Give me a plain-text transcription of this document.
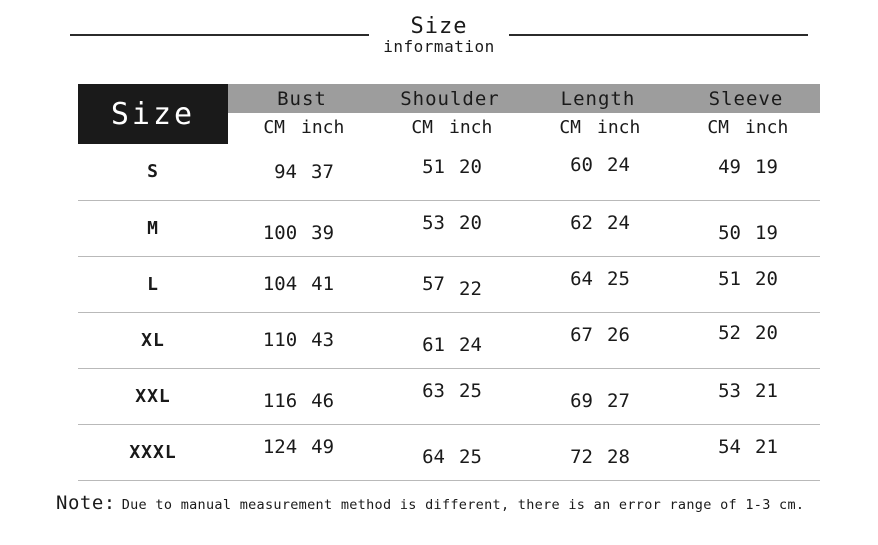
Size
information
Size	Bust	Shoulder	Length	Sleeve

	CM inch	CM inch	CM inch	CM inch

S	94 37	51 20	60 24	49 19

M	100 39	53 20	62 24	50 19

L	104 41	57 22	64 25	51 20

XL	110 43	61 24	67 26	52 20

XXL	116 46	63 25	69 27	53 21

XXXL	124 49	64 25	72 28	54 21
Note: Due to manual measurement method is different, there is an error range of 1-3 cm.
